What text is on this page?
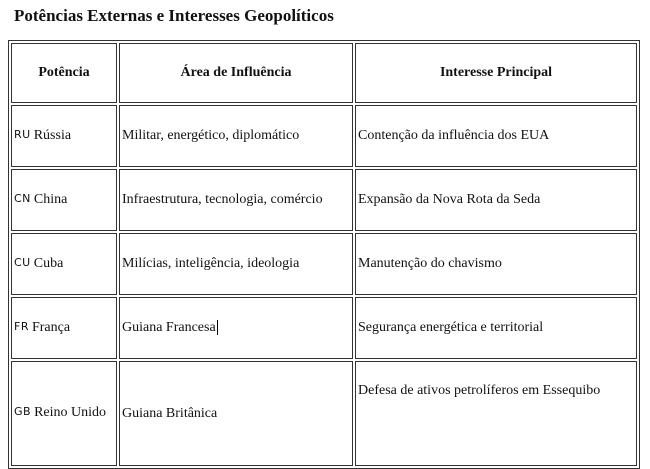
Potências Externas e Interesses Geopolíticos
Potência	Área de Influência	Interesse Principal
RU Rússia	Militar, energético, diplomático	Contenção da influência dos EUA
CN China	Infraestrutura, tecnologia, comércio	Expansão da Nova Rota da Seda
CU Cuba	Milícias, inteligência, ideologia	Manutenção do chavismo
FR França	Guiana Francesa	Segurança energética e territorial
GB Reino Unido	Guiana Britânica	Defesa de ativos petrolíferos em Essequibo
